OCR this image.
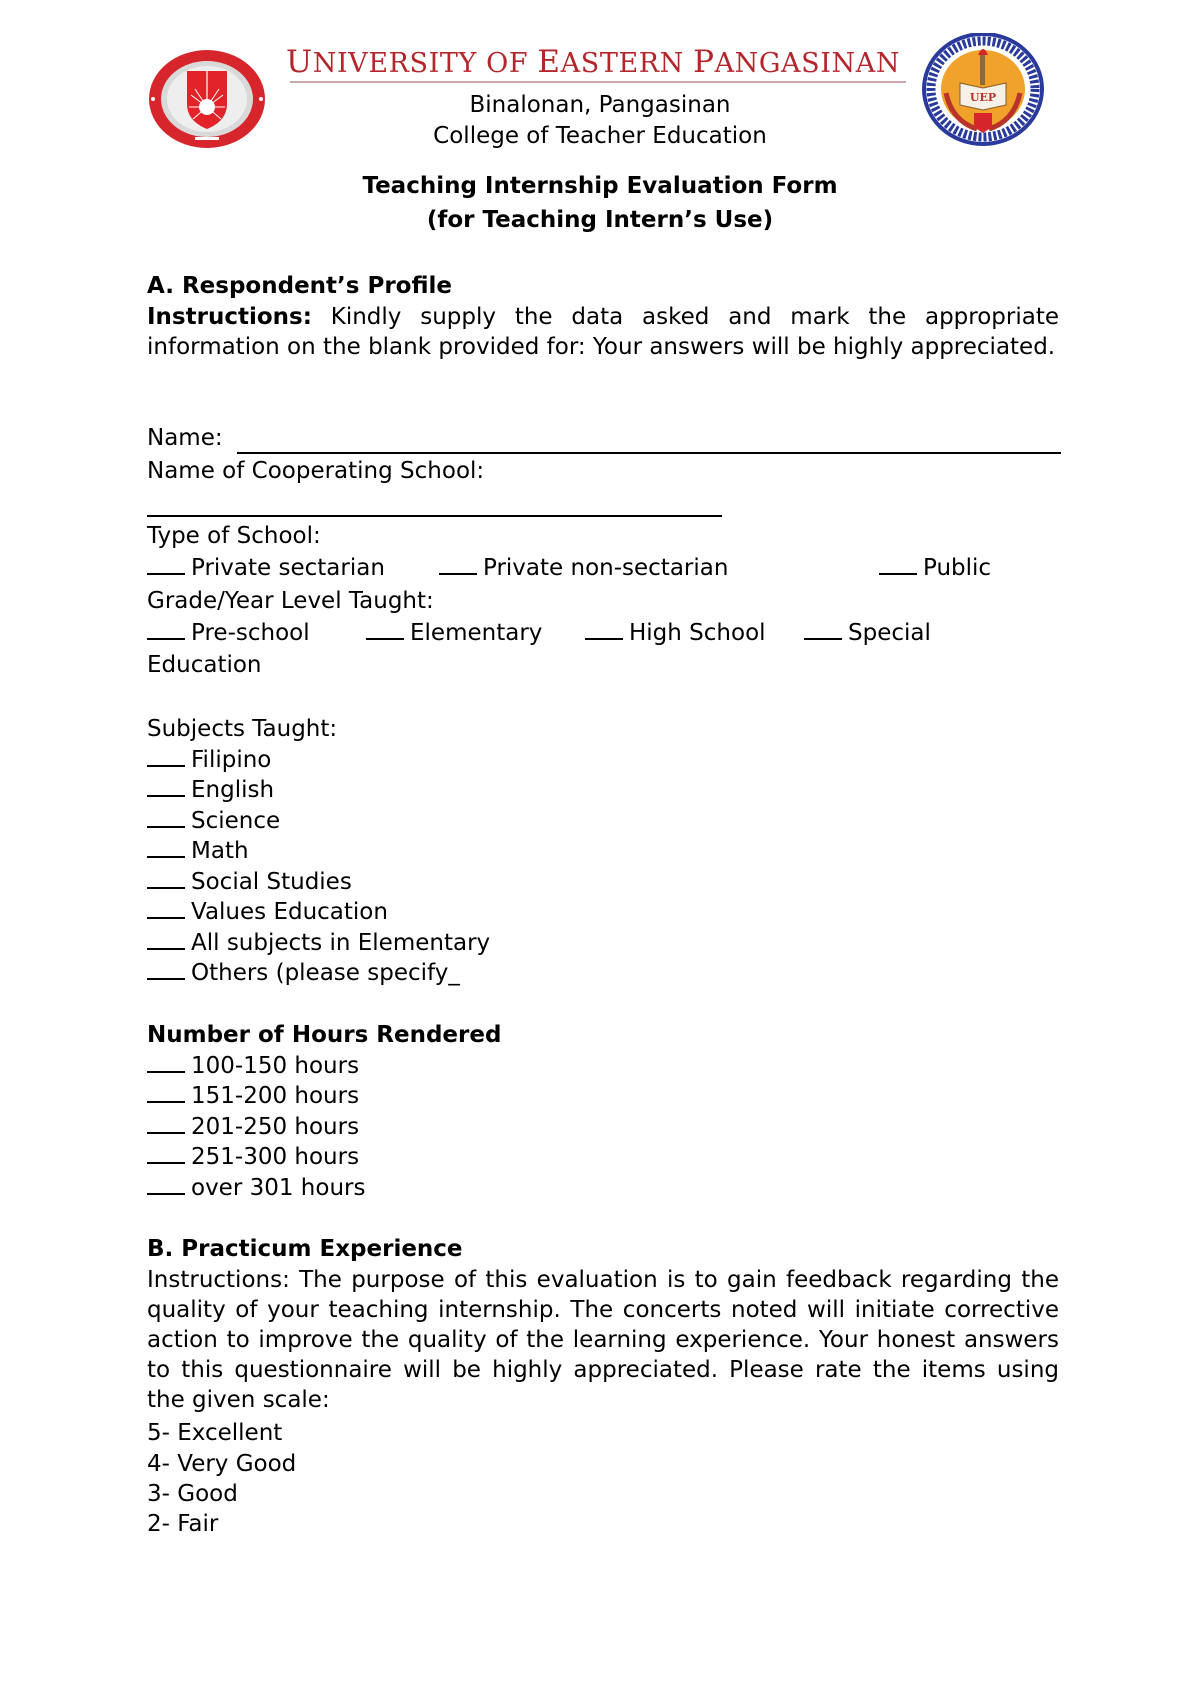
UNIVERSITY OF EASTERN PANGASINAN
UEP
Binalonan, Pangasinan
College of Teacher Education
Teaching Internship Evaluation Form
(for Teaching Intern’s Use)
A. Respondent’s Profile
Instructions: Kindly supply the data asked and mark the appropriate information on the blank provided for: Your answers will be highly appreciated.
Name:
Name of Cooperating School:
Type of School:
Private sectarian	Private non-sectarian	Public
Grade/Year Level Taught:
Pre-school	Elementary	High School	Special
Education
Subjects Taught:
Filipino
English
Science
Math
Social Studies
Values Education
All subjects in Elementary
Others (please specify_
Number of Hours Rendered
100-150 hours
151-200 hours
201-250 hours
251-300 hours
over 301 hours
B. Practicum Experience
Instructions: The purpose of this evaluation is to gain feedback regarding the quality of your teaching internship. The concerts noted will initiate corrective action to improve the quality of the learning experience. Your honest answers to this questionnaire will be highly appreciated. Please rate the items using the given scale:
5- Excellent
4- Very Good
3- Good
2- Fair
